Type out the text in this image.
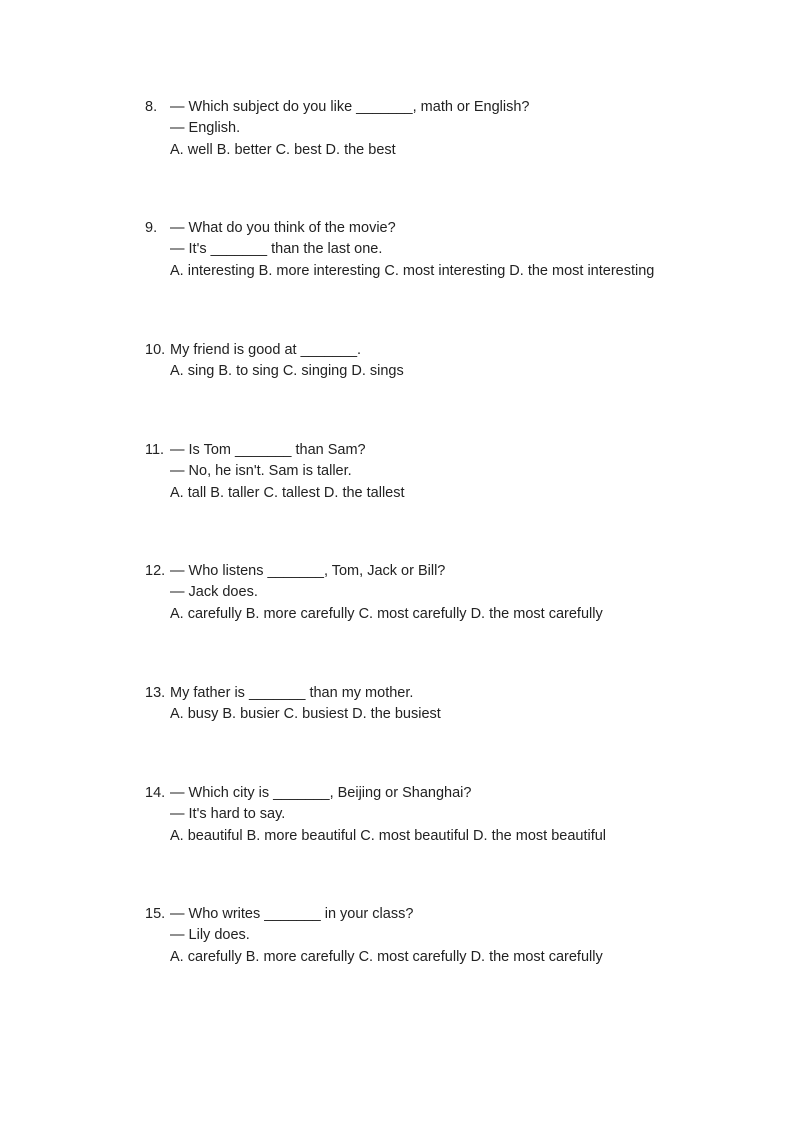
8. — Which subject do you like _______, math or English?
— English.
A. well B. better C. best D. the best
9. — What do you think of the movie?
— It's _______ than the last one.
A. interesting B. more interesting C. most interesting D. the most interesting
10. My friend is good at _______.
A. sing B. to sing C. singing D. sings
11. — Is Tom _______ than Sam?
— No, he isn't. Sam is taller.
A. tall B. taller C. tallest D. the tallest
12. — Who listens _______, Tom, Jack or Bill?
— Jack does.
A. carefully B. more carefully C. most carefully D. the most carefully
13. My father is _______ than my mother.
A. busy B. busier C. busiest D. the busiest
14. — Which city is _______, Beijing or Shanghai?
— It's hard to say.
A. beautiful B. more beautiful C. most beautiful D. the most beautiful
15. — Who writes _______ in your class?
— Lily does.
A. carefully B. more carefully C. most carefully D. the most carefully
